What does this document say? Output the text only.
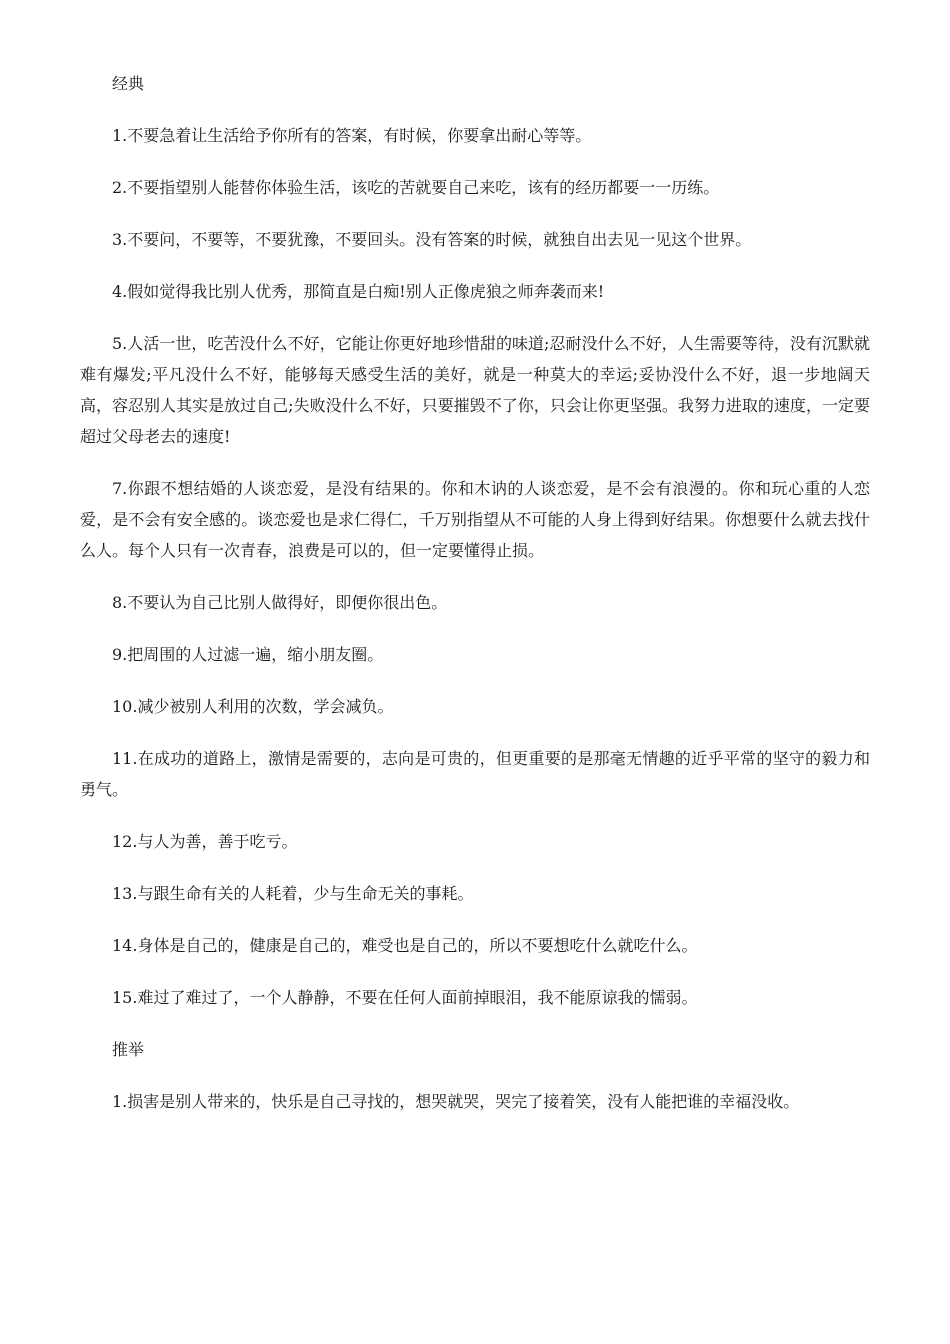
经典

1.不要急着让生活给予你所有的答案，有时候，你要拿出耐心等等。

2.不要指望别人能替你体验生活，该吃的苦就要自己来吃，该有的经历都要一一历练。

3.不要问，不要等，不要犹豫，不要回头。没有答案的时候，就独自出去见一见这个世界。

4.假如觉得我比别人优秀，那简直是白痴!别人正像虎狼之师奔袭而来!

5.人活一世，吃苦没什么不好，它能让你更好地珍惜甜的味道;忍耐没什么不好，人生需要等待，没有沉默就难有爆发;平凡没什么不好，能够每天感受生活的美好，就是一种莫大的幸运;妥协没什么不好，退一步地阔天高，容忍别人其实是放过自己;失败没什么不好，只要摧毁不了你，只会让你更坚强。我努力进取的速度，一定要超过父母老去的速度!

7.你跟不想结婚的人谈恋爱，是没有结果的。你和木讷的人谈恋爱，是不会有浪漫的。你和玩心重的人恋爱，是不会有安全感的。谈恋爱也是求仁得仁，千万别指望从不可能的人身上得到好结果。你想要什么就去找什么人。每个人只有一次青春，浪费是可以的，但一定要懂得止损。

8.不要认为自己比别人做得好，即便你很出色。

9.把周围的人过滤一遍，缩小朋友圈。

10.减少被别人利用的次数，学会减负。

11.在成功的道路上，激情是需要的，志向是可贵的，但更重要的是那毫无情趣的近乎平常的坚守的毅力和勇气。

12.与人为善，善于吃亏。

13.与跟生命有关的人耗着，少与生命无关的事耗。

14.身体是自己的，健康是自己的，难受也是自己的，所以不要想吃什么就吃什么。

15.难过了难过了，一个人静静，不要在任何人面前掉眼泪，我不能原谅我的懦弱。

推举

1.损害是别人带来的，快乐是自己寻找的，想哭就哭，哭完了接着笑，没有人能把谁的幸福没收。
